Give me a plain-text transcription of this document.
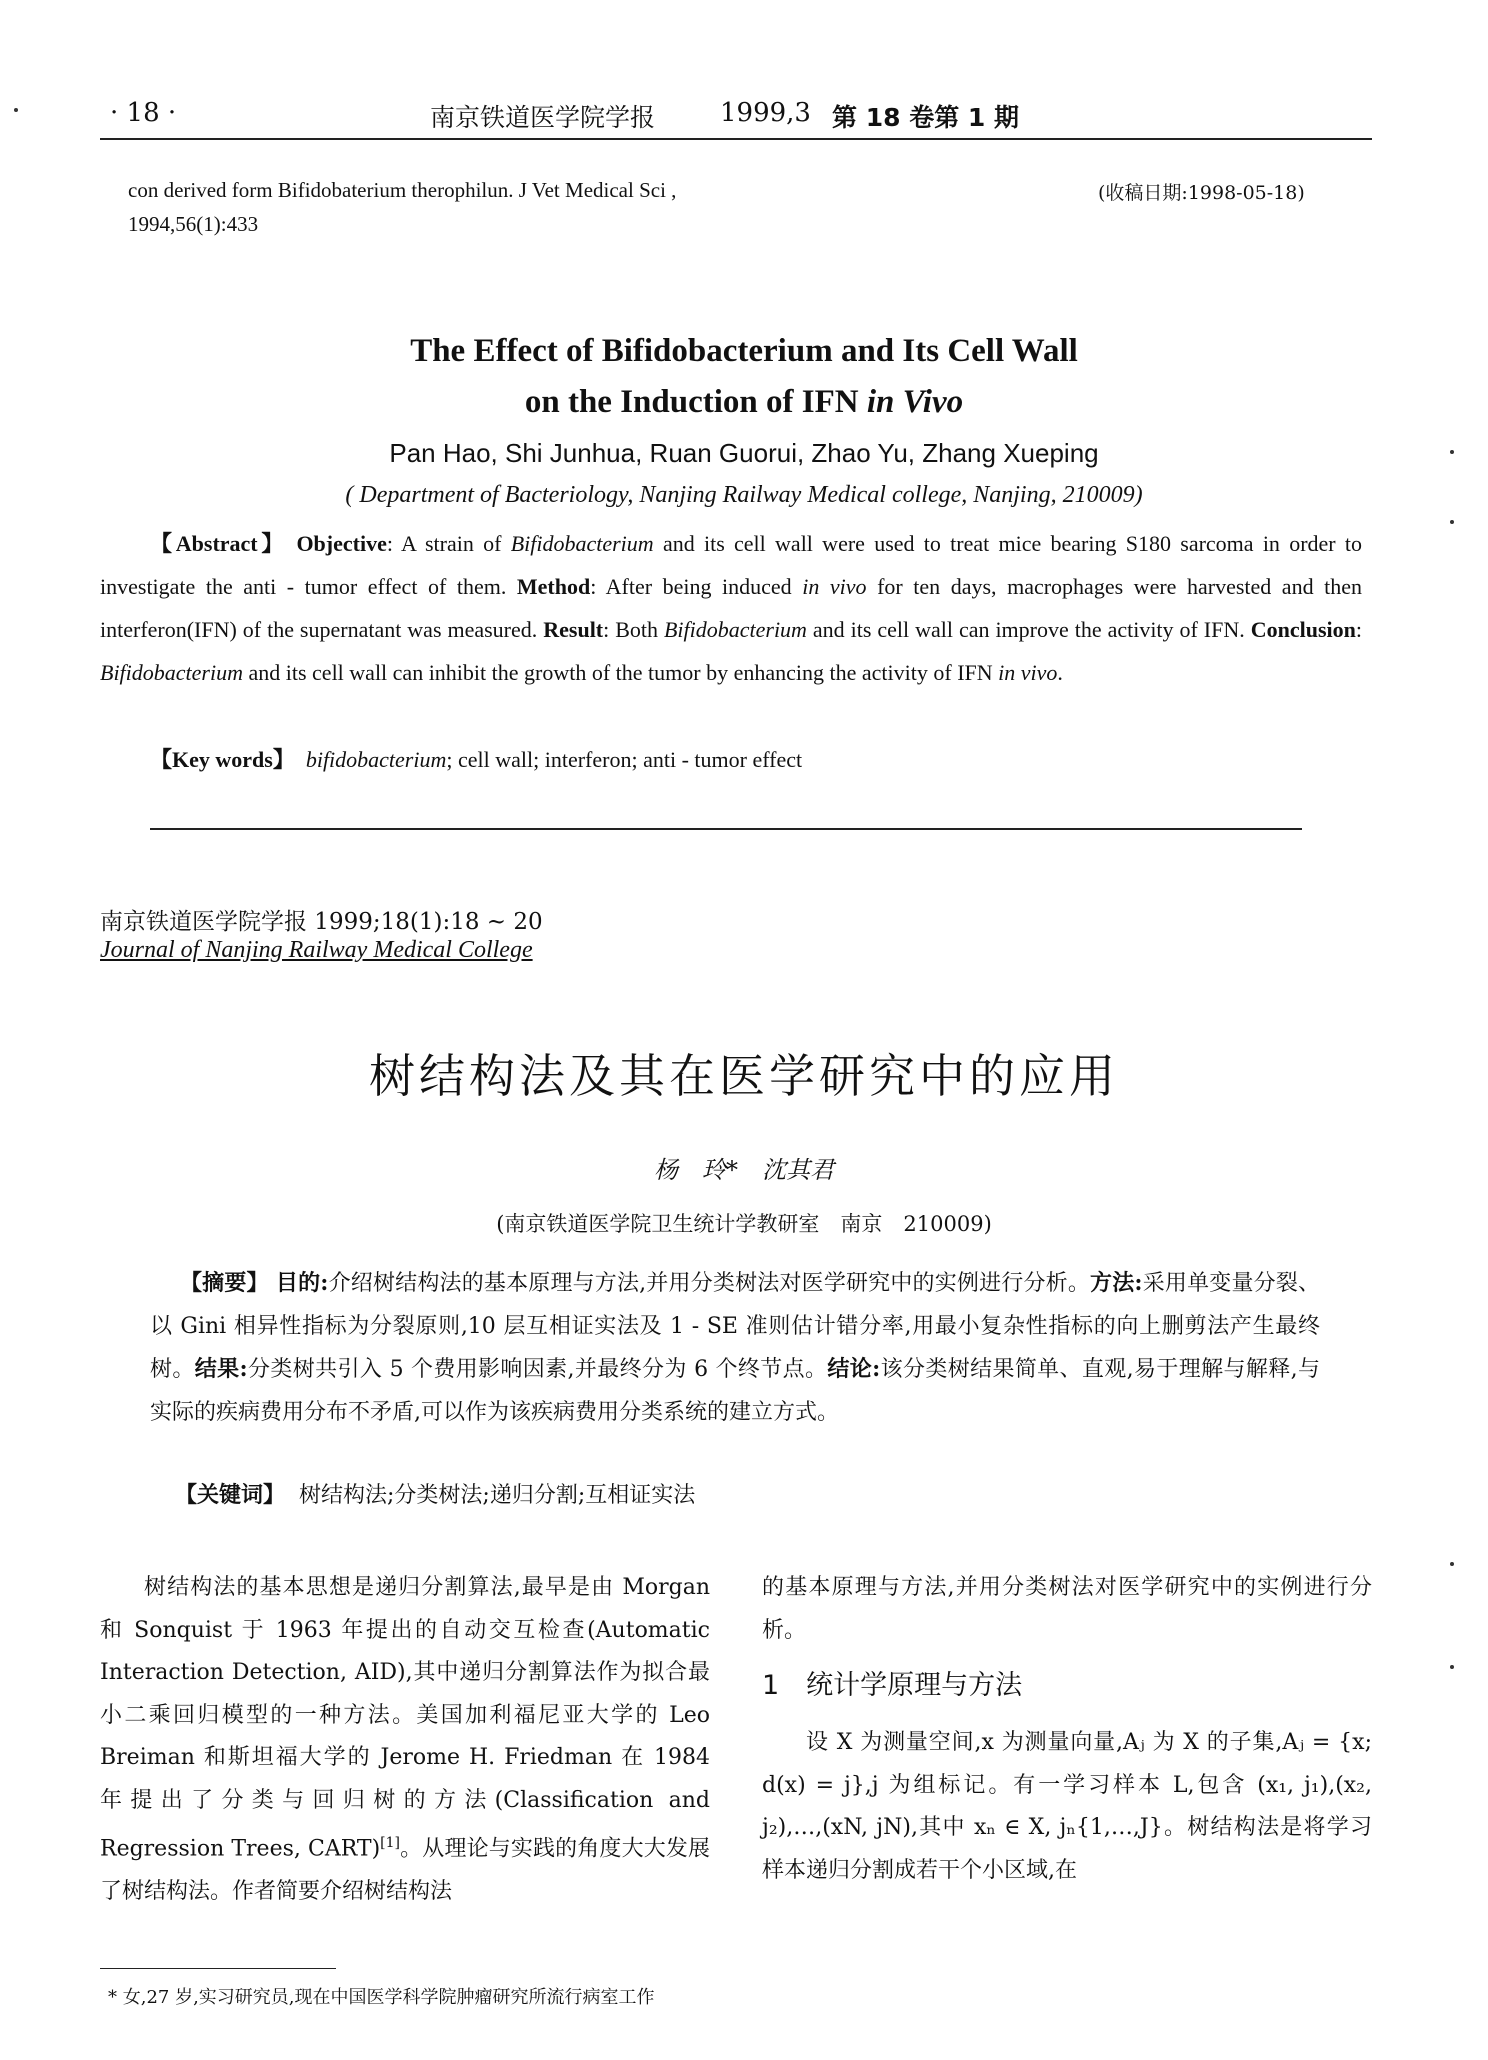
· 18 ·	南京铁道医学院学报 1999,3 第 18 卷第 1 期
con derived form Bifidobaterium therophilun. J Vet Medical Sci ,
1994,56(1):433
(收稿日期:1998-05-18)
The Effect of Bifidobacterium and Its Cell Wall
on the Induction of IFN in Vivo
Pan Hao, Shi Junhua, Ruan Guorui, Zhao Yu, Zhang Xueping
( Department of Bacteriology, Nanjing Railway Medical college, Nanjing, 210009)

【Abstract】 Objective: A strain of Bifidobacterium and its cell wall were used to treat mice bearing S180 sarcoma in order to investigate the anti - tumor effect of them. Method: After being induced in vivo for ten days, macrophages were harvested and then interferon(IFN) of the supernatant was measured. Result: Both Bifidobacterium and its cell wall can improve the activity of IFN. Conclusion: Bifidobacterium and its cell wall can inhibit the growth of the tumor by enhancing the activity of IFN in vivo.

【Key words】 bifidobacterium; cell wall; interferon; anti - tumor effect
南京铁道医学院学报 1999;18(1):18 ~ 20
Journal of Nanjing Railway Medical College
树结构法及其在医学研究中的应用
杨　玲*　沈其君
(南京铁道医学院卫生统计学教研室　南京　210009)

【摘要】 目的:介绍树结构法的基本原理与方法,并用分类树法对医学研究中的实例进行分析。方法:采用单变量分裂、以 Gini 相异性指标为分裂原则,10 层互相证实法及 1 - SE 准则估计错分率,用最小复杂性指标的向上删剪法产生最终树。结果:分类树共引入 5 个费用影响因素,并最终分为 6 个终节点。结论:该分类树结果简单、直观,易于理解与解释,与实际的疾病费用分布不矛盾,可以作为该疾病费用分类系统的建立方式。

【关键词】 树结构法;分类树法;递归分割;互相证实法

树结构法的基本思想是递归分割算法,最早是由 Morgan 和 Sonquist 于 1963 年提出的自动交互检查(Automatic Interaction Detection, AID),其中递归分割算法作为拟合最小二乘回归模型的一种方法。美国加利福尼亚大学的 Leo Breiman 和斯坦福大学的 Jerome H. Friedman 在 1984 年提出了分类与回归树的方法(Classification and Regression Trees, CART)[1]。从理论与实践的角度大大发展了树结构法。作者简要介绍树结构法

的基本原理与方法,并用分类树法对医学研究中的实例进行分析。

1　统计学原理与方法

设 X 为测量空间,x 为测量向量,Aⱼ 为 X 的子集,Aⱼ = {x; d(x) = j},j 为组标记。有一学习样本 L,包含 (x₁, j₁),(x₂, j₂),…,(xN, jN),其中 xₙ ∈ X, jₙ{1,…,J}。树结构法是将学习样本递归分割成若干个小区域,在

* 女,27 岁,实习研究员,现在中国医学科学院肿瘤研究所流行病室工作
